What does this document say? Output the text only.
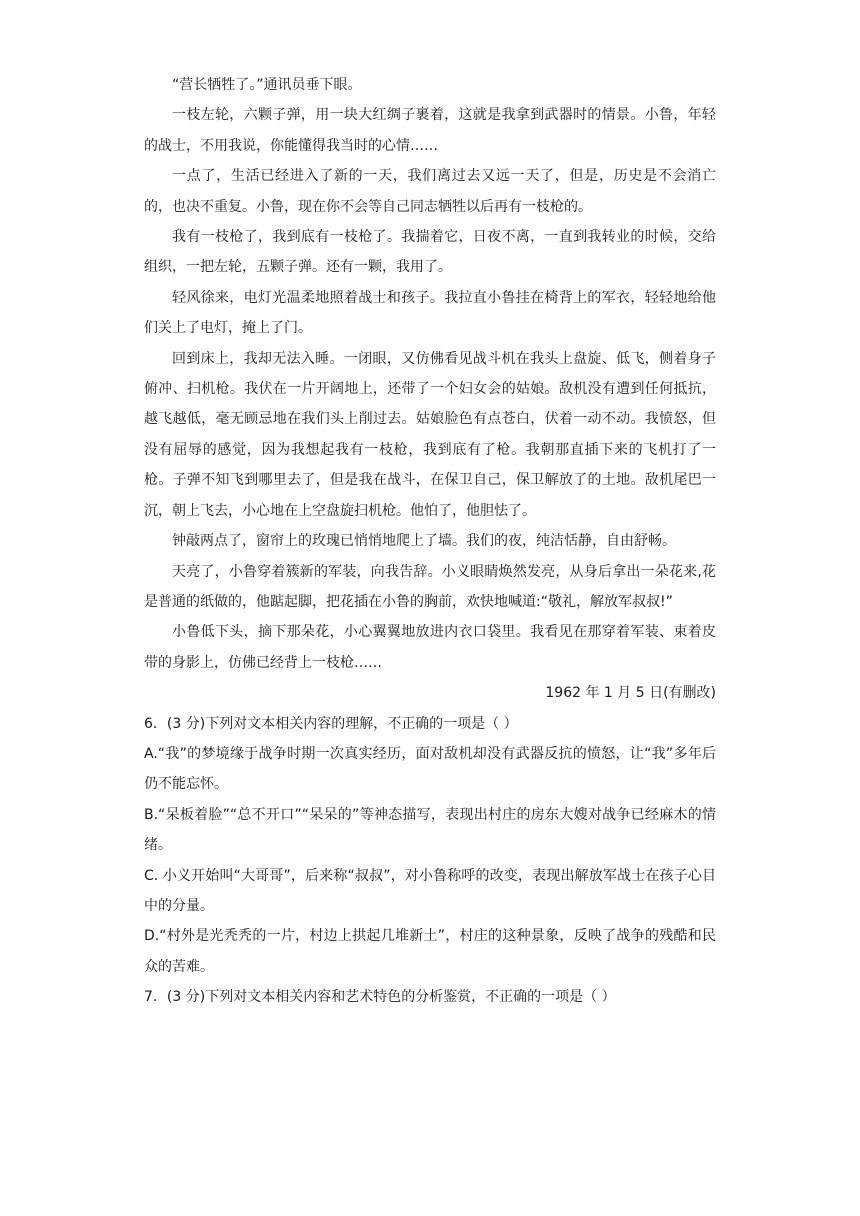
“营长牺牲了。”通讯员垂下眼。

一枝左轮，六颗子弹，用一块大红绸子裹着，这就是我拿到武器时的情景。小鲁，年轻的战士，不用我说，你能懂得我当时的心情……

一点了，生活已经进入了新的一天，我们离过去又远一天了，但是，历史是不会消亡的，也决不重复。小鲁，现在你不会等自己同志牺牲以后再有一枝枪的。

我有一枝枪了，我到底有一枝枪了。我揣着它，日夜不离，一直到我转业的时候，交给组织，一把左轮，五颗子弹。还有一颗，我用了。

轻风徐来，电灯光温柔地照着战士和孩子。我拉直小鲁挂在椅背上的军衣，轻轻地给他们关上了电灯，掩上了门。

回到床上，我却无法入睡。一闭眼，又仿佛看见战斗机在我头上盘旋、低飞，侧着身子俯冲、扫机枪。我伏在一片开阔地上，还带了一个妇女会的姑娘。敌机没有遭到任何抵抗，越飞越低，毫无顾忌地在我们头上削过去。姑娘脸色有点苍白，伏着一动不动。我愤怒，但没有屈辱的感觉，因为我想起我有一枝枪，我到底有了枪。我朝那直插下来的飞机打了一枪。子弹不知飞到哪里去了，但是我在战斗，在保卫自己，保卫解放了的土地。敌机尾巴一沉，朝上飞去，小心地在上空盘旋扫机枪。他怕了，他胆怯了。

钟敲两点了，窗帘上的玫瑰已悄悄地爬上了墙。我们的夜，纯洁恬静，自由舒畅。

天亮了，小鲁穿着簇新的军装，向我告辞。小义眼睛焕然发亮，从身后拿出一朵花来,花是普通的纸做的，他踮起脚，把花插在小鲁的胸前，欢快地喊道:“敬礼，解放军叔叔!”

小鲁低下头，摘下那朵花，小心翼翼地放进内衣口袋里。我看见在那穿着军装、束着皮带的身影上，仿佛已经背上一枝枪……

1962 年 1 月 5 日(有删改)

6．(3 分)下列对文本相关内容的理解，不正确的一项是（ ）

A.“我”的梦境缘于战争时期一次真实经历，面对敌机却没有武器反抗的愤怒，让“我”多年后仍不能忘怀。

B.“呆板着脸”“总不开口”“呆呆的”等神态描写，表现出村庄的房东大嫂对战争已经麻木的情绪。

C. 小义开始叫“大哥哥”，后来称“叔叔”，对小鲁称呼的改变，表现出解放军战士在孩子心目中的分量。

D.“村外是光秃秃的一片，村边上拱起几堆新土”，村庄的这种景象，反映了战争的残酷和民众的苦难。

7．(3 分)下列对文本相关内容和艺术特色的分析鉴赏，不正确的一项是（ ）
